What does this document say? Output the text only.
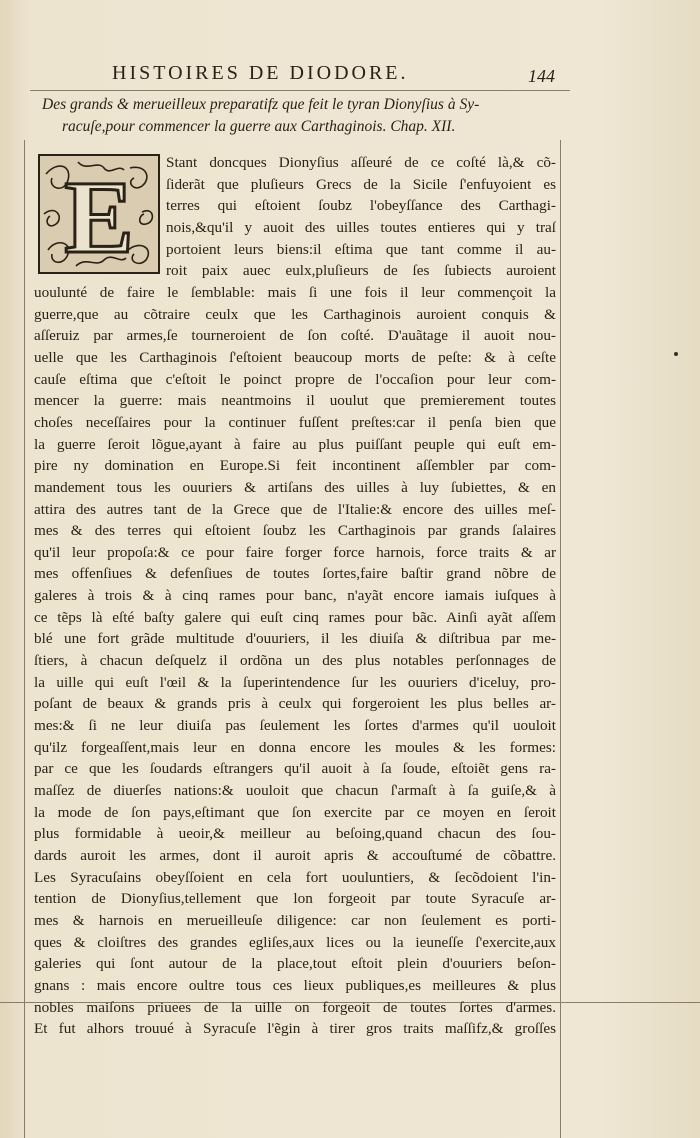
HISTOIRES DE DIODORE.	144
Des grands & merueilleux preparatifz que feit le tyran Dionyſius à Sy-
racuſe,pour commencer la guerre aux Carthaginois. Chap. XII.
E	Stant doncques Dionyſius aſſeuré de ce coſté là,& cõ-
ſiderãt que pluſieurs Grecs de la Sicile ſ'enfuyoient es
terres qui eſtoient ſoubz l'obeyſſance des Carthagi-
nois,&qu'il y auoit des uilles toutes entieres qui y traſ
portoient leurs biens:il eſtima que tant comme il au-
roit paix auec eulx,pluſieurs de ſes ſubiects auroient
uoulunté de faire le ſemblable: mais ſi une fois il leur commençoit la
guerre,que au cõtraire ceulx que les Carthaginois auroient conquis &
aſſeruiz par armes,ſe tourneroient de ſon coſté. D'auãtage il auoit nou-
uelle que les Carthaginois ſ'eſtoient beaucoup morts de peſte: & à ceſte
cauſe eſtima que c'eſtoit le poinct propre de l'occaſion pour leur com-
mencer la guerre: mais neantmoins il uoulut que premierement toutes
choſes neceſſaires pour la continuer fuſſent preſtes:car il penſa bien que
la guerre ſeroit lõgue,ayant à faire au plus puiſſant peuple qui euſt em-
pire ny domination en Europe.Si feit incontinent aſſembler par com-
mandement tous les ouuriers & artiſans des uilles à luy ſubiettes, & en
attira des autres tant de la Grece que de l'Italie:& encore des uilles meſ-
mes & des terres qui eſtoient ſoubz les Carthaginois par grands ſalaires
qu'il leur propoſa:& ce pour faire forger force harnois, force traits & ar
mes offenſiues & defenſiues de toutes ſortes,faire baſtir grand nõbre de
galeres à trois & à cinq rames pour banc, n'ayãt encore iamais iuſques à
ce tẽps là eſté baſty galere qui euſt cinq rames pour bãc. Ainſi ayãt aſſem
blé une fort grãde multitude d'ouuriers, il les diuiſa & diſtribua par me-
ſtiers, à chacun deſquelz il ordõna un des plus notables perſonnages de
la uille qui euſt l'œil & la ſuperintendence ſur les ouuriers d'iceluy, pro-
poſant de beaux & grands pris à ceulx qui forgeroient les plus belles ar-
mes:& ſi ne leur diuiſa pas ſeulement les ſortes d'armes qu'il uouloit
qu'ilz forgeaſſent,mais leur en donna encore les moules & les formes:
par ce que les ſoudards eſtrangers qu'il auoit à ſa ſoude, eſtoiẽt gens ra-
maſſez de diuerſes nations:& uouloit que chacun ſ'armaſt à ſa guiſe,& à
la mode de ſon pays,eſtimant que ſon exercite par ce moyen en ſeroit
plus formidable à ueoir,& meilleur au beſoing,quand chacun des ſou-
dards auroit les armes, dont il auroit apris & accouſtumé de cõbattre.
Les Syracuſains obeyſſoient en cela fort uouluntiers, & ſecõdoient l'in-
tention de Dionyſius,tellement que lon forgeoit par toute Syracuſe ar-
mes & harnois en merueilleuſe diligence: car non ſeulement es porti-
ques & cloiſtres des grandes egliſes,aux lices ou la ieuneſſe ſ'exercite,aux
galeries qui ſont autour de la place,tout eſtoit plein d'ouuriers beſon-
gnans : mais encore oultre tous ces lieux publiques,es meilleures & plus
nobles maiſons priuees de la uille on forgeoit de toutes ſortes d'armes.
Et fut alhors trouué à Syracuſe l'ẽgin à tirer gros traits maſſifz,& groſſes
